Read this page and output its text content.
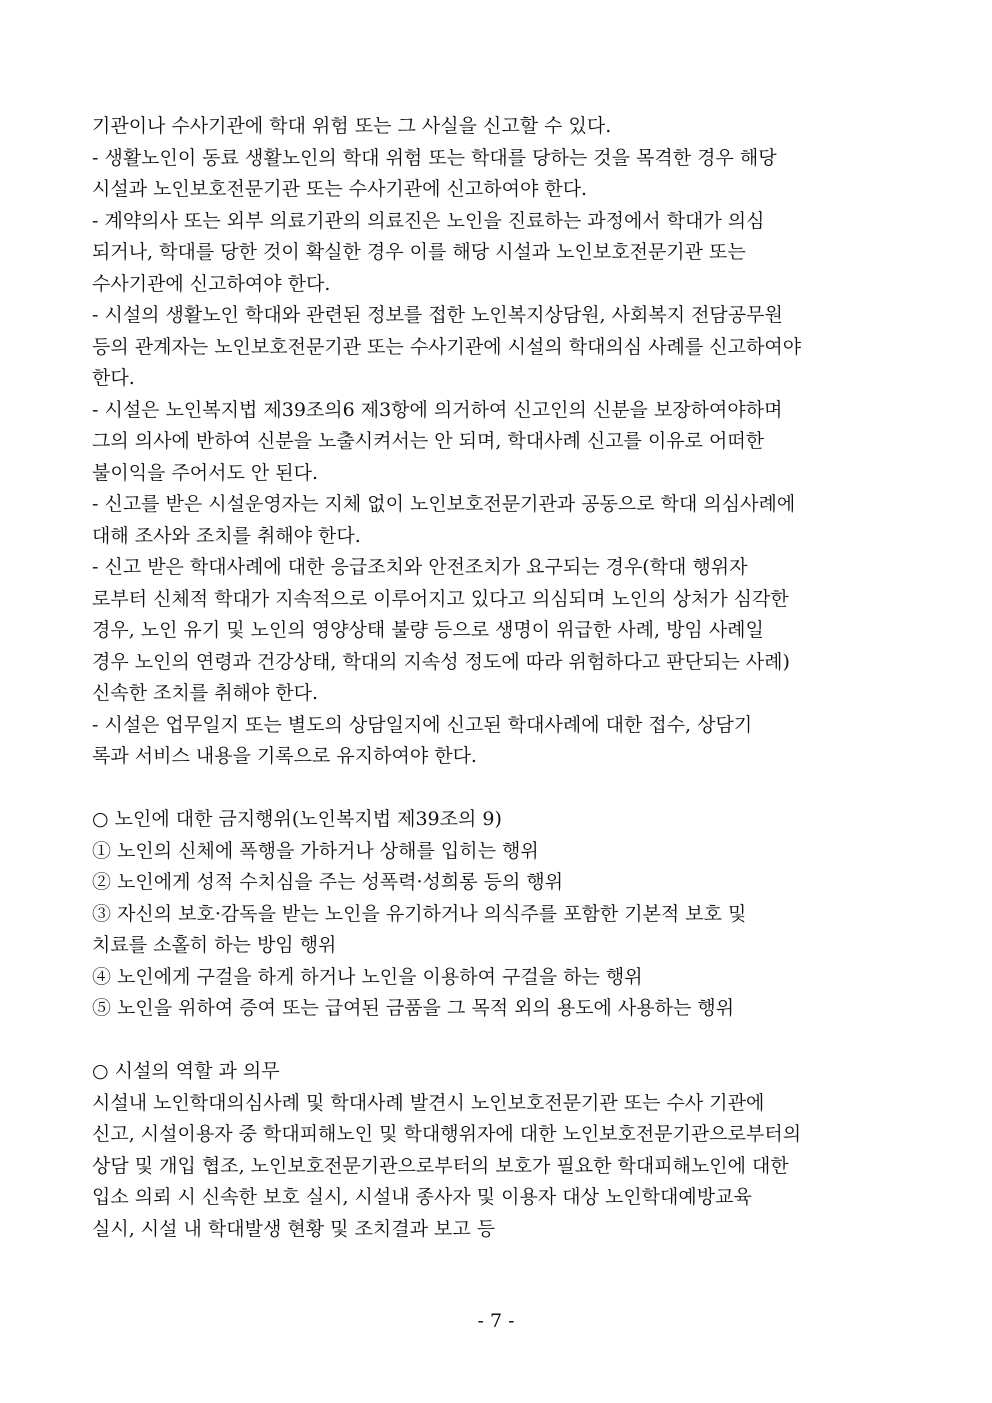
기관이나 수사기관에 학대 위험 또는 그 사실을 신고할 수 있다.
- 생활노인이 동료 생활노인의 학대 위험 또는 학대를 당하는 것을 목격한 경우 해당
시설과 노인보호전문기관 또는 수사기관에 신고하여야 한다.
- 계약의사 또는 외부 의료기관의 의료진은 노인을 진료하는 과정에서 학대가 의심
되거나, 학대를 당한 것이 확실한 경우 이를 해당 시설과 노인보호전문기관 또는
수사기관에 신고하여야 한다.
- 시설의 생활노인 학대와 관련된 정보를 접한 노인복지상담원, 사회복지 전담공무원
등의 관계자는 노인보호전문기관 또는 수사기관에 시설의 학대의심 사례를 신고하여야
한다.
- 시설은 노인복지법 제39조의6 제3항에 의거하여 신고인의 신분을 보장하여야하며
그의 의사에 반하여 신분을 노출시켜서는 안 되며, 학대사례 신고를 이유로 어떠한
불이익을 주어서도 안 된다.
- 신고를 받은 시설운영자는 지체 없이 노인보호전문기관과 공동으로 학대 의심사례에
대해 조사와 조치를 취해야 한다.
- 신고 받은 학대사례에 대한 응급조치와 안전조치가 요구되는 경우(학대 행위자
로부터 신체적 학대가 지속적으로 이루어지고 있다고 의심되며 노인의 상처가 심각한
경우, 노인 유기 및 노인의 영양상태 불량 등으로 생명이 위급한 사례, 방임 사례일
경우 노인의 연령과 건강상태, 학대의 지속성 정도에 따라 위험하다고 판단되는 사례)
신속한 조치를 취해야 한다.
- 시설은 업무일지 또는 별도의 상담일지에 신고된 학대사례에 대한 접수, 상담기
록과 서비스 내용을 기록으로 유지하여야 한다.
○ 노인에 대한 금지행위(노인복지법 제39조의 9)
① 노인의 신체에 폭행을 가하거나 상해를 입히는 행위
② 노인에게 성적 수치심을 주는 성폭력·성희롱 등의 행위
③ 자신의 보호·감독을 받는 노인을 유기하거나 의식주를 포함한 기본적 보호 및
치료를 소홀히 하는 방임 행위
④ 노인에게 구걸을 하게 하거나 노인을 이용하여 구걸을 하는 행위
⑤ 노인을 위하여 증여 또는 급여된 금품을 그 목적 외의 용도에 사용하는 행위
○ 시설의 역할 과 의무
시설내 노인학대의심사례 및 학대사례 발견시 노인보호전문기관 또는 수사 기관에
신고, 시설이용자 중 학대피해노인 및 학대행위자에 대한 노인보호전문기관으로부터의
상담 및 개입 협조, 노인보호전문기관으로부터의 보호가 필요한 학대피해노인에 대한
입소 의뢰 시 신속한 보호 실시, 시설내 종사자 및 이용자 대상 노인학대예방교육
실시, 시설 내 학대발생 현황 및 조치결과 보고 등
- 7 -
